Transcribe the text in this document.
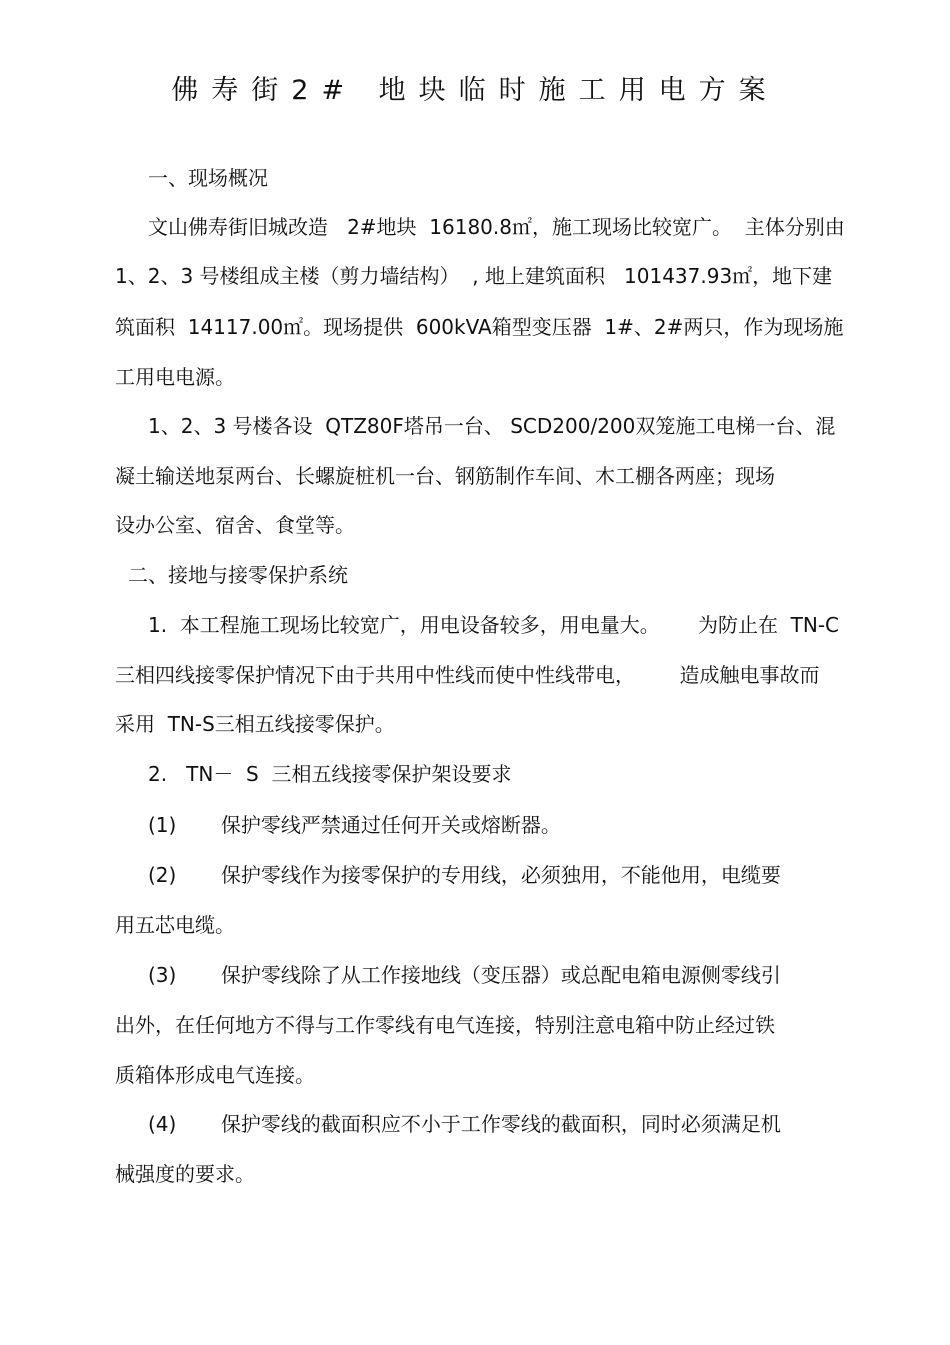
佛寿街2# 地块临时施工用电方案
一、现场概况
文山佛寿街旧城改造   2#地块  16180.8㎡，施工现场比较宽广。  主体分别由
1、2、3 号楼组成主楼（剪力墙结构）  , 地上建筑面积   101437.93㎡，地下建
筑面积  14117.00㎡。现场提供  600kVA箱型变压器  1#、2#两只，作为现场施
工用电电源。
1、2、3 号楼各设  QTZ80F塔吊一台、 SCD200/200双笼施工电梯一台、混
凝土输送地泵两台、长螺旋桩机一台、钢筋制作车间、木工棚各两座；现场
设办公室、宿舍、食堂等。
二、接地与接零保护系统
1.  本工程施工现场比较宽广，用电设备较多，用电量大。      为防止在  TN-C
三相四线接零保护情况下由于共用中性线而使中性线带电，       造成触电事故而
采用  TN-S三相五线接零保护。
2.   TN－  S  三相五线接零保护架设要求
(1)       保护零线严禁通过任何开关或熔断器。
(2)       保护零线作为接零保护的专用线，必须独用，不能他用，电缆要
用五芯电缆。
(3)       保护零线除了从工作接地线（变压器）或总配电箱电源侧零线引
出外，在任何地方不得与工作零线有电气连接，特别注意电箱中防止经过铁
质箱体形成电气连接。
(4)       保护零线的截面积应不小于工作零线的截面积，同时必须满足机
械强度的要求。
